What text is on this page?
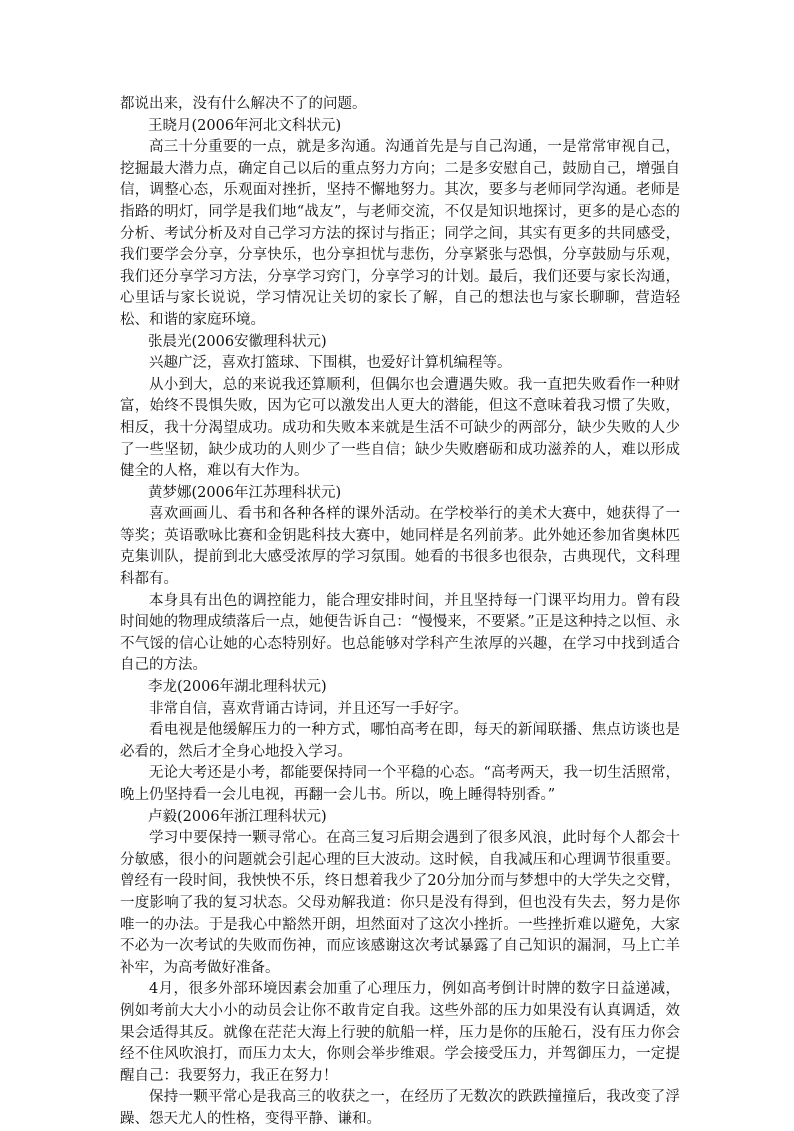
都说出来，没有什么解决不了的问题。

王晓月(2006年河北文科状元)

高三十分重要的一点，就是多沟通。沟通首先是与自己沟通，一是常常审视自己，挖掘最大潜力点，确定自己以后的重点努力方向；二是多安慰自己，鼓励自己，增强自信，调整心态，乐观面对挫折，坚持不懈地努力。其次，要多与老师同学沟通。老师是指路的明灯，同学是我们地“战友”，与老师交流，不仅是知识地探讨，更多的是心态的分析、考试分析及对自己学习方法的探讨与指正；同学之间，其实有更多的共同感受，我们要学会分享，分享快乐，也分享担忧与悲伤，分享紧张与恐惧，分享鼓励与乐观，我们还分享学习方法，分享学习窍门，分享学习的计划。最后，我们还要与家长沟通，心里话与家长说说，学习情况让关切的家长了解，自己的想法也与家长聊聊，营造轻松、和谐的家庭环境。

张晨光(2006安徽理科状元)

兴趣广泛，喜欢打篮球、下围棋，也爱好计算机编程等。

从小到大，总的来说我还算顺利，但偶尔也会遭遇失败。我一直把失败看作一种财富，始终不畏惧失败，因为它可以激发出人更大的潜能，但这不意味着我习惯了失败，相反，我十分渴望成功。成功和失败本来就是生活不可缺少的两部分，缺少失败的人少了一些坚韧，缺少成功的人则少了一些自信；缺少失败磨砺和成功滋养的人，难以形成健全的人格，难以有大作为。

黄梦娜(2006年江苏理科状元)

喜欢画画儿、看书和各种各样的课外活动。在学校举行的美术大赛中，她获得了一等奖；英语歌咏比赛和金钥匙科技大赛中，她同样是名列前茅。此外她还参加省奥林匹克集训队，提前到北大感受浓厚的学习氛围。她看的书很多也很杂，古典现代，文科理科都有。

本身具有出色的调控能力，能合理安排时间，并且坚持每一门课平均用力。曾有段时间她的物理成绩落后一点，她便告诉自己：“慢慢来，不要紧。”正是这种持之以恒、永不气馁的信心让她的心态特别好。也总能够对学科产生浓厚的兴趣，在学习中找到适合自己的方法。

李龙(2006年湖北理科状元)

非常自信，喜欢背诵古诗词，并且还写一手好字。

看电视是他缓解压力的一种方式，哪怕高考在即，每天的新闻联播、焦点访谈也是必看的，然后才全身心地投入学习。

无论大考还是小考，都能要保持同一个平稳的心态。“高考两天，我一切生活照常，晚上仍坚持看一会儿电视，再翻一会儿书。所以，晚上睡得特别香。”

卢毅(2006年浙江理科状元)

学习中要保持一颗寻常心。在高三复习后期会遇到了很多风浪，此时每个人都会十分敏感，很小的问题就会引起心理的巨大波动。这时候，自我减压和心理调节很重要。曾经有一段时间，我怏怏不乐，终日想着我少了20分加分而与梦想中的大学失之交臂，一度影响了我的复习状态。父母劝解我道：你只是没有得到，但也没有失去，努力是你唯一的办法。于是我心中豁然开朗，坦然面对了这次小挫折。一些挫折难以避免，大家不必为一次考试的失败而伤神，而应该感谢这次考试暴露了自己知识的漏洞，马上亡羊补牢，为高考做好准备。

4月，很多外部环境因素会加重了心理压力，例如高考倒计时牌的数字日益递减，例如考前大大小小的动员会让你不敢肯定自我。这些外部的压力如果没有认真调适，效果会适得其反。就像在茫茫大海上行驶的航船一样，压力是你的压舱石，没有压力你会经不住风吹浪打，而压力太大，你则会举步维艰。学会接受压力，并驾御压力，一定提醒自己：我要努力，我正在努力！

保持一颗平常心是我高三的收获之一，在经历了无数次的跌跌撞撞后，我改变了浮躁、怨天尤人的性格，变得平静、谦和。
